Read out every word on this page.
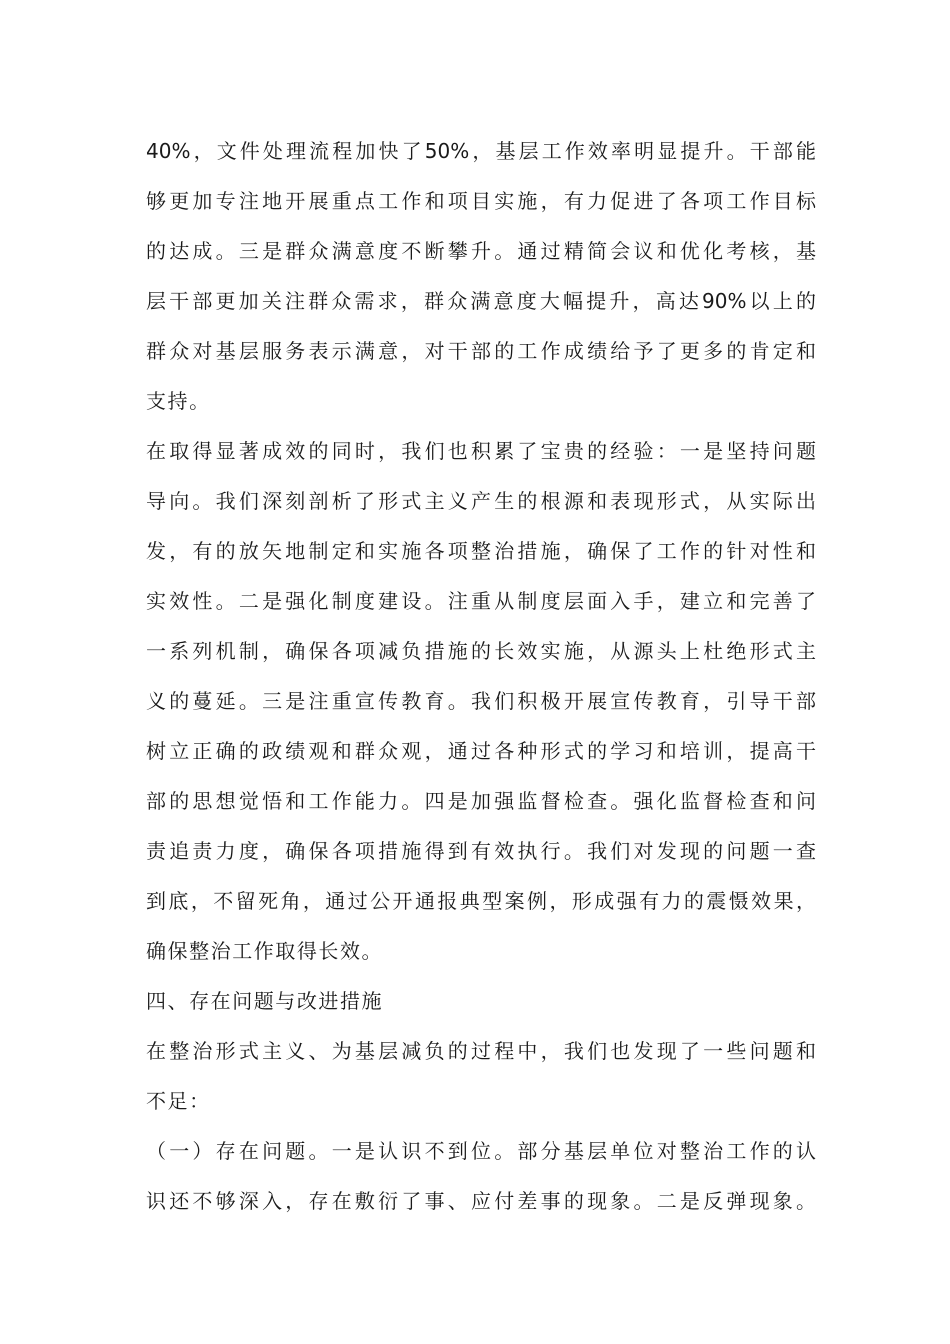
40%，文件处理流程加快了50%，基层工作效率明显提升。干部能
够更加专注地开展重点工作和项目实施，有力促进了各项工作目标
的达成。三是群众满意度不断攀升。通过精简会议和优化考核，基
层干部更加关注群众需求，群众满意度大幅提升，高达90%以上的
群众对基层服务表示满意，对干部的工作成绩给予了更多的肯定和
支持。
在取得显著成效的同时，我们也积累了宝贵的经验：一是坚持问题
导向。我们深刻剖析了形式主义产生的根源和表现形式，从实际出
发，有的放矢地制定和实施各项整治措施，确保了工作的针对性和
实效性。二是强化制度建设。注重从制度层面入手，建立和完善了
一系列机制，确保各项减负措施的长效实施，从源头上杜绝形式主
义的蔓延。三是注重宣传教育。我们积极开展宣传教育，引导干部
树立正确的政绩观和群众观，通过各种形式的学习和培训，提高干
部的思想觉悟和工作能力。四是加强监督检查。强化监督检查和问
责追责力度，确保各项措施得到有效执行。我们对发现的问题一查
到底，不留死角，通过公开通报典型案例，形成强有力的震慑效果，
确保整治工作取得长效。
四、存在问题与改进措施
在整治形式主义、为基层减负的过程中，我们也发现了一些问题和
不足：
（一）存在问题。一是认识不到位。部分基层单位对整治工作的认
识还不够深入，存在敷衍了事、应付差事的现象。二是反弹现象。
